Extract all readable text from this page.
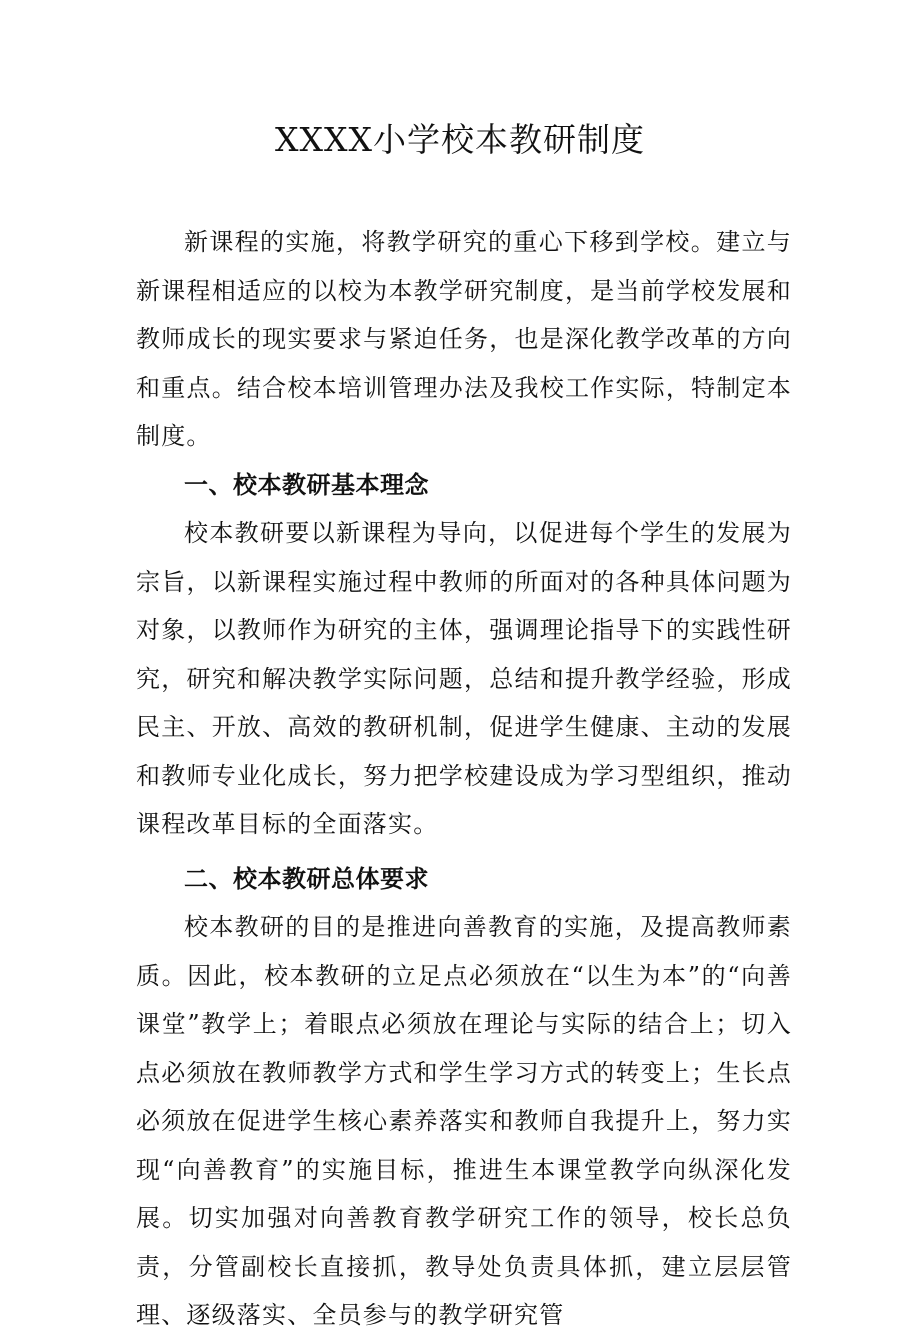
XXXX小学校本教研制度

新课程的实施，将教学研究的重心下移到学校。建立与新课程相适应的以校为本教学研究制度，是当前学校发展和教师成长的现实要求与紧迫任务，也是深化教学改革的方向和重点。结合校本培训管理办法及我校工作实际，特制定本制度。

一、校本教研基本理念

校本教研要以新课程为导向，以促进每个学生的发展为宗旨，以新课程实施过程中教师的所面对的各种具体问题为对象，以教师作为研究的主体，强调理论指导下的实践性研究，研究和解决教学实际问题，总结和提升教学经验，形成民主、开放、高效的教研机制，促进学生健康、主动的发展和教师专业化成长，努力把学校建设成为学习型组织，推动课程改革目标的全面落实。

二、校本教研总体要求

校本教研的目的是推进向善教育的实施，及提高教师素质。因此，校本教研的立足点必须放在“以生为本”的“向善课堂”教学上；着眼点必须放在理论与实际的结合上；切入点必须放在教师教学方式和学生学习方式的转变上；生长点必须放在促进学生核心素养落实和教师自我提升上，努力实现“向善教育”的实施目标，推进生本课堂教学向纵深化发展。切实加强对向善教育教学研究工作的领导，校长总负责，分管副校长直接抓，教导处负责具体抓，建立层层管理、逐级落实、全员参与的教学研究管
